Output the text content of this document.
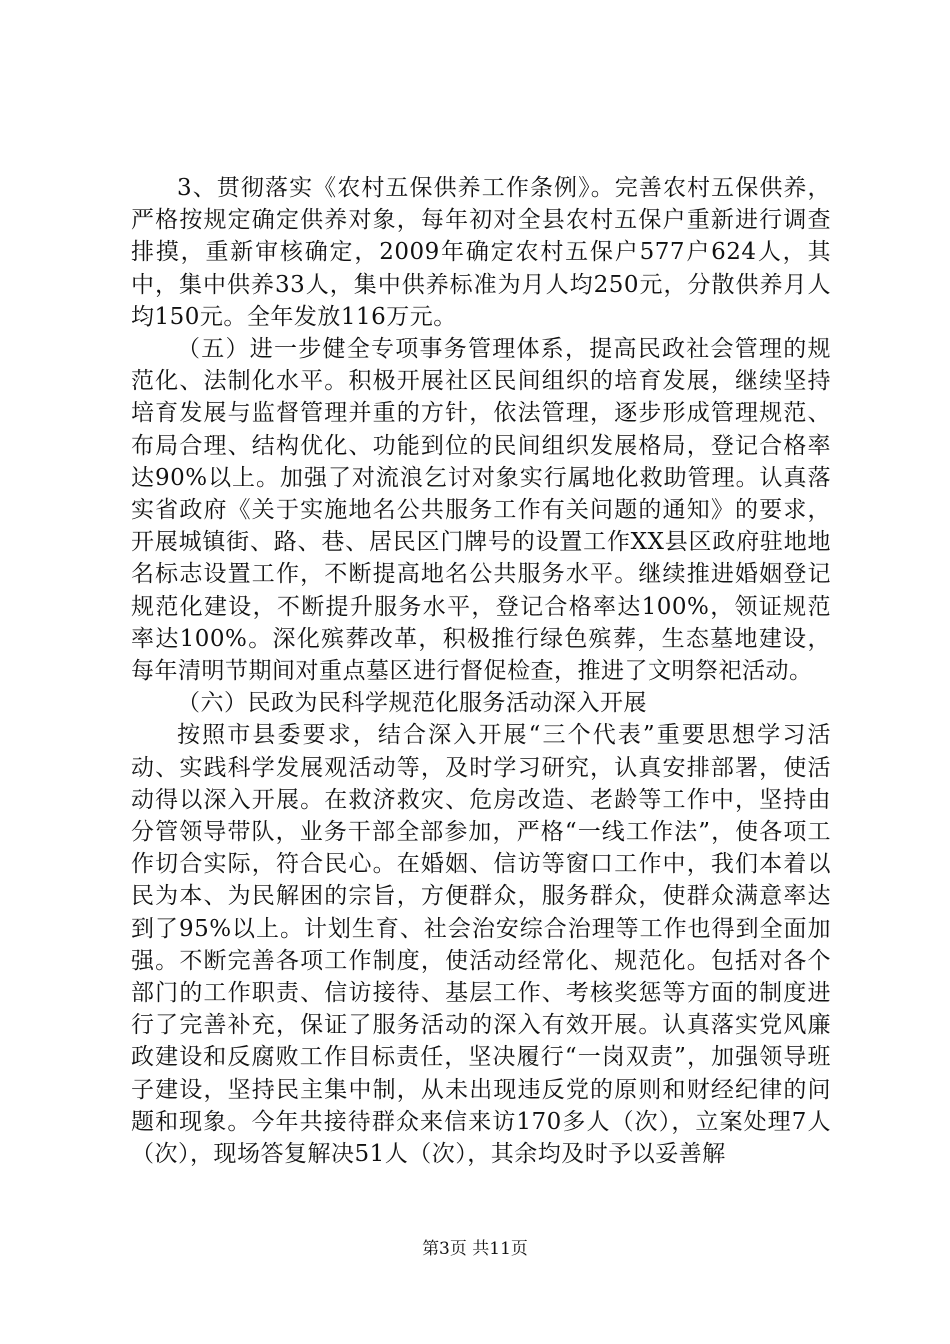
3、贯彻落实《农村五保供养工作条例》。完善农村五保供养，严格按规定确定供养对象，每年初对全县农村五保户重新进行调查排摸，重新审核确定，2009年确定农村五保户577户624人，其中，集中供养33人，集中供养标准为月人均250元，分散供养月人均150元。全年发放116万元。

（五）进一步健全专项事务管理体系，提高民政社会管理的规范化、法制化水平。积极开展社区民间组织的培育发展，继续坚持培育发展与监督管理并重的方针，依法管理，逐步形成管理规范、布局合理、结构优化、功能到位的民间组织发展格局，登记合格率达90%以上。加强了对流浪乞讨对象实行属地化救助管理。认真落实省政府《关于实施地名公共服务工作有关问题的通知》的要求，开展城镇街、路、巷、居民区门牌号的设置工作XX县区政府驻地地名标志设置工作，不断提高地名公共服务水平。继续推进婚姻登记规范化建设，不断提升服务水平，登记合格率达100%，领证规范率达100%。深化殡葬改革，积极推行绿色殡葬，生态墓地建设，每年清明节期间对重点墓区进行督促检查，推进了文明祭祀活动。

（六）民政为民科学规范化服务活动深入开展

按照市县委要求，结合深入开展“三个代表”重要思想学习活动、实践科学发展观活动等，及时学习研究，认真安排部署，使活动得以深入开展。在救济救灾、危房改造、老龄等工作中，坚持由分管领导带队，业务干部全部参加，严格“一线工作法”，使各项工作切合实际，符合民心。在婚姻、信访等窗口工作中，我们本着以民为本、为民解困的宗旨，方便群众，服务群众，使群众满意率达到了95%以上。计划生育、社会治安综合治理等工作也得到全面加强。不断完善各项工作制度，使活动经常化、规范化。包括对各个部门的工作职责、信访接待、基层工作、考核奖惩等方面的制度进行了完善补充，保证了服务活动的深入有效开展。认真落实党风廉政建设和反腐败工作目标责任，坚决履行“一岗双责”，加强领导班子建设，坚持民主集中制，从未出现违反党的原则和财经纪律的问题和现象。今年共接待群众来信来访170多人（次），立案处理7人（次），现场答复解决51人（次），其余均及时予以妥善解

第3页 共11页
